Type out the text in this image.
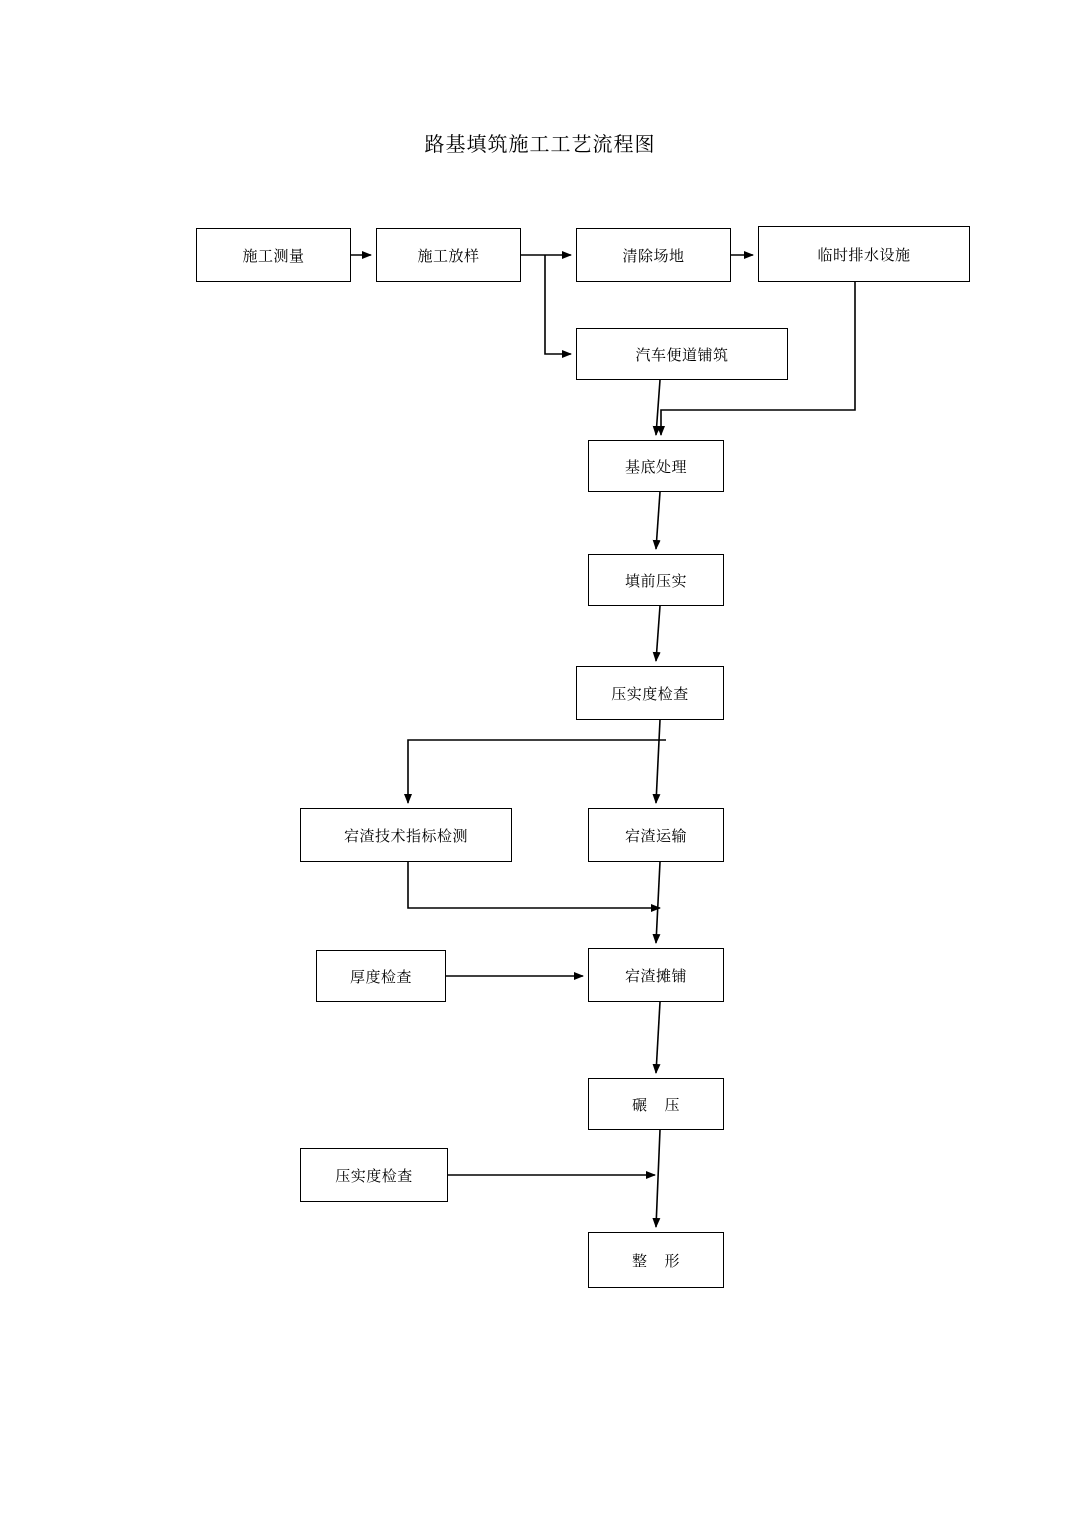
路基填筑施工工艺流程图
施工测量	施工放样	清除场地	临时排水设施
汽车便道铺筑
基底处理
填前压实
压实度检查
宕渣技术指标检测	宕渣运输
厚度检查	宕渣摊铺
碾    压
压实度检查
整    形
